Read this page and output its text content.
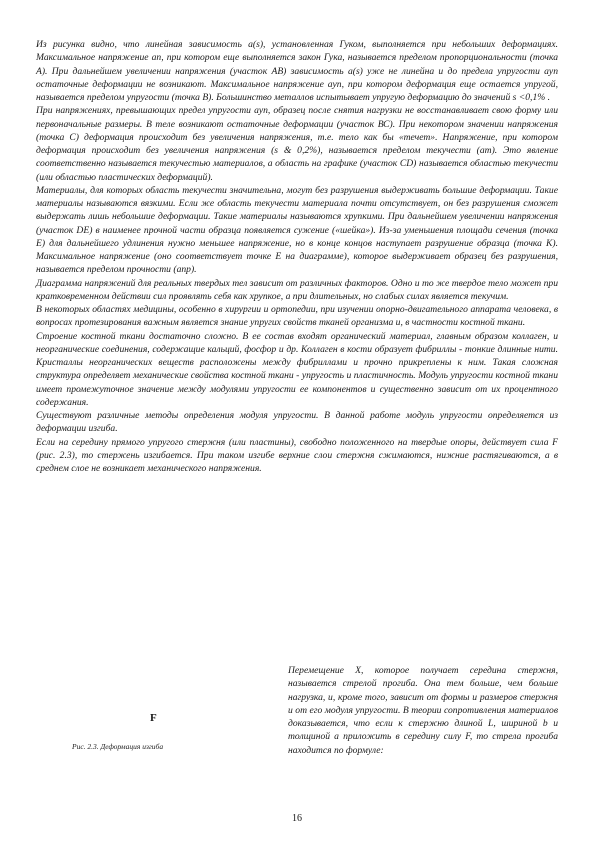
Из рисунка видно, что линейная зависимость a(s), установленная Гуком, выполняется при небольших деформациях. Максимальное напряжение aп, при котором еще выполняется закон Гука, называется пределом пропорциональности (точка А). При дальнейшем увеличении напряжения (участок АВ) зависимость a(s) уже не линейна и до предела упругости aуп остаточные деформации не возникают. Максимальное напряжение aуп, при котором деформация еще остается упругой, называется пределом упругости (точка В). Большинство металлов испытывает упругую деформацию до значений s <0,1% .

При напряжениях, превышающих предел упругости aуп, образец после снятия нагрузки не восстанавливает свою форму или первоначальные размеры. В теле возникают остаточные деформации (участок ВС). При некотором значении напряжения (точка С) деформация происходит без увеличения напряжения, т.е. тело как бы «течет». Напряжение, при котором деформация происходит без увеличения напряжения (s & 0,2%), называется пределом текучести (aт). Это явление соответственно называется текучестью материалов, а область на графике (участок CD) называется областью текучести (или областью пластических деформаций).

Материалы, для которых область текучести значительна, могут без разрушения выдерживать большие деформации. Такие материалы называются вязкими. Если же область текучести материала почти отсутствует, он без разрушения сможет выдержать лишь небольшие деформации. Такие материалы называются хрупкими. При дальнейшем увеличении напряжения (участок DE) в наименее прочной части образца появляется сужение («шейка»). Из-за уменьшения площади сечения (точка Е) для дальнейшего удлинения нужно меньшее напряжение, но в конце концов наступает разрушение образца (точка К). Максимальное напряжение (оно соответствует точке Е на диаграмме), которое выдерживает образец без разрушения, называется пределом прочности (aпр).

Диаграмма напряжений для реальных твердых тел зависит от различных факторов. Одно и то же твердое тело может при кратковременном действии сил проявлять себя как хрупкое, а при длительных, но слабых силах является текучим.

В некоторых областях медицины, особенно в хирургии и ортопедии, при изучении опорно-двигательного аппарата человека, в вопросах протезирования важным является знание упругих свойств тканей организма и, в частности костной ткани.

Строение костной ткани достаточно сложно. В ее состав входят органический материал, главным образом коллаген, и неорганические соединения, содержащие кальций, фосфор и др. Коллаген в кости образует фибриллы - тонкие длинные нити. Кристаллы неорганических веществ расположены между фибриллами и прочно прикреплены к ним. Такая сложная структура определяет механические свойства костной ткани - упругость и пластичность. Модуль упругости костной ткани имеет промежуточное значение между модулями упругости ее компонентов и существенно зависит от их процентного содержания.

Существуют различные методы определения модуля упругости. В данной работе модуль упругости определяется из деформации изгиба.

Если на середину прямого упругого стержня (или пластины), свободно положенного на твердые опоры, действует сила F (рис. 2.3), то стержень изгибается. При таком изгибе верхние слои стержня сжимаются, нижние растягиваются, а в среднем слое не возникает механического напряжения.

F
Рис. 2.3. Деформация изгиба
Перемещение X, которое получает середина стержня, называется стрелой прогиба. Она тем больше, чем больше нагрузка, и, кроме того, зависит от формы и размеров стержня и от его модуля упругости. В теории сопротивления материалов доказывается, что если к стержню длиной L, шириной b и толщиной a приложить в середину силу F, то стрела прогиба находится по формуле:
16
